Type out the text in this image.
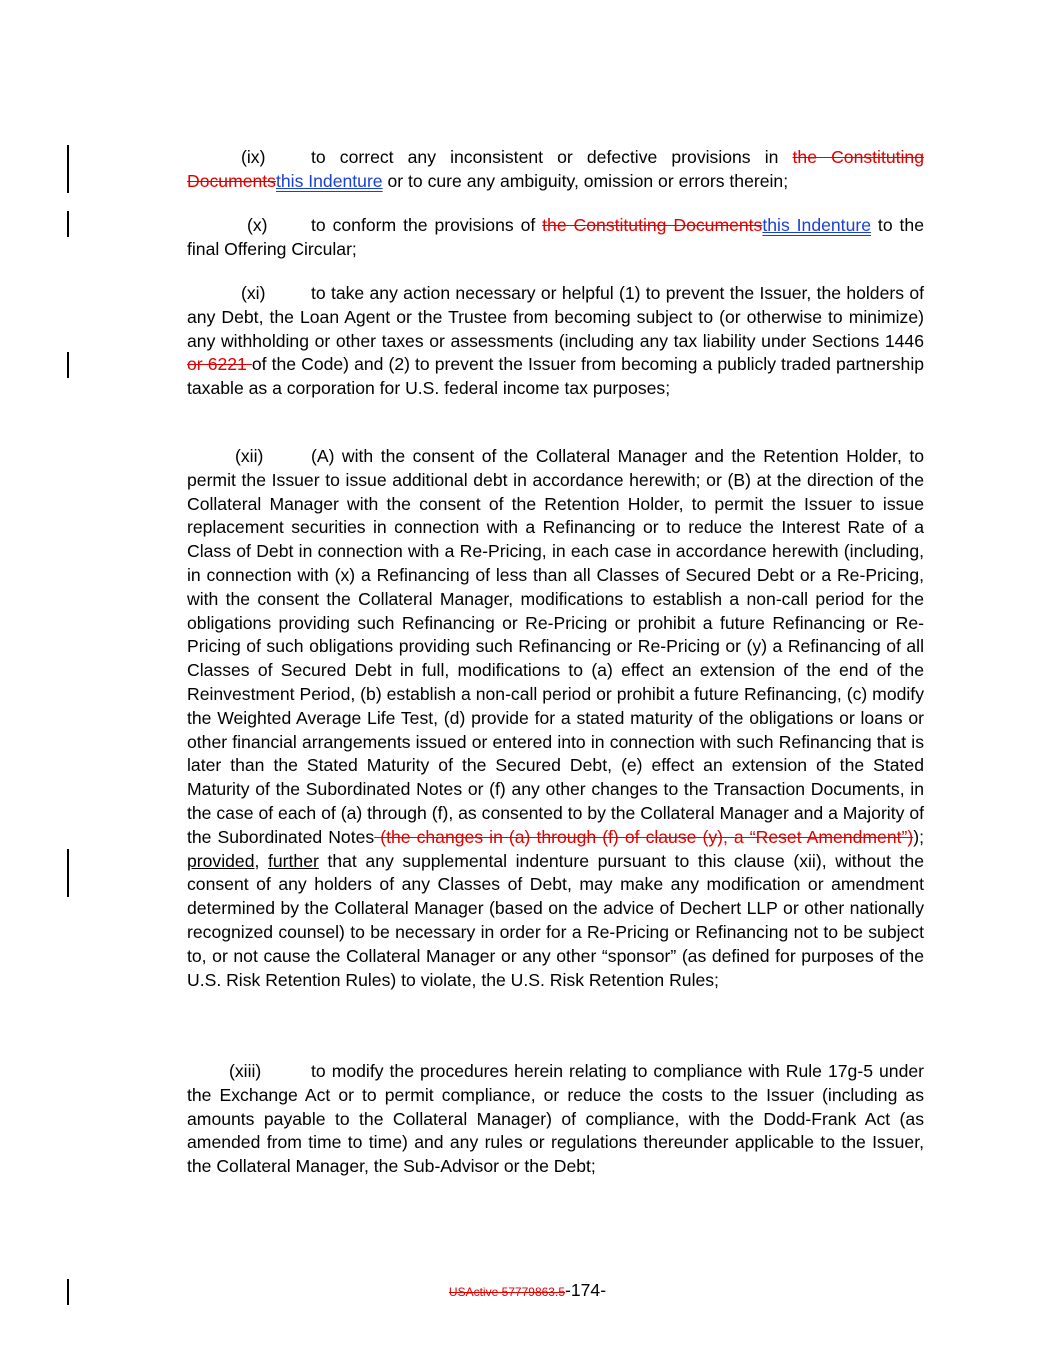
(ix)	to correct any inconsistent or defective provisions in the Constituting Documentsthis Indenture or to cure any ambiguity, omission or errors therein;
(x) to conform the provisions of the Constituting Documentsthis Indenture to the final Offering Circular;
(xi)	to take any action necessary or helpful (1) to prevent the Issuer, the holders of any Debt, the Loan Agent or the Trustee from becoming subject to (or otherwise to minimize) any withholding or other taxes or assessments (including any tax liability under Sections 1446 or 6221 of the Code) and (2) to prevent the Issuer from becoming a publicly traded partnership taxable as a corporation for U.S. federal income tax purposes;
(xii)	(A) with the consent of the Collateral Manager and the Retention Holder, to permit the Issuer to issue additional debt in accordance herewith; or (B) at the direction of the Collateral Manager with the consent of the Retention Holder, to permit the Issuer to issue replacement securities in connection with a Refinancing or to reduce the Interest Rate of a Class of Debt in connection with a Re-Pricing, in each case in accordance herewith (including, in connection with (x) a Refinancing of less than all Classes of Secured Debt or a Re-Pricing, with the consent the Collateral Manager, modifications to establish a non-call period for the obligations providing such Refinancing or Re-Pricing or prohibit a future Refinancing or Re-Pricing of such obligations providing such Refinancing or Re-Pricing or (y) a Refinancing of all Classes of Secured Debt in full, modifications to (a) effect an extension of the end of the Reinvestment Period, (b) establish a non-call period or prohibit a future Refinancing, (c) modify the Weighted Average Life Test, (d) provide for a stated maturity of the obligations or loans or other financial arrangements issued or entered into in connection with such Refinancing that is later than the Stated Maturity of the Secured Debt, (e) effect an extension of the Stated Maturity of the Subordinated Notes or (f) any other changes to the Transaction Documents, in the case of each of (a) through (f), as consented to by the Collateral Manager and a Majority of the Subordinated Notes (the changes in (a) through (f) of clause (y), a “Reset Amendment”)); provided, further that any supplemental indenture pursuant to this clause (xii), without the consent of any holders of any Classes of Debt, may make any modification or amendment determined by the Collateral Manager (based on the advice of Dechert LLP or other nationally recognized counsel) to be necessary in order for a Re-Pricing or Refinancing not to be subject to, or not cause the Collateral Manager or any other “sponsor” (as defined for purposes of the U.S. Risk Retention Rules) to violate, the U.S. Risk Retention Rules;
(xiii)	to modify the procedures herein relating to compliance with Rule 17g-5 under the Exchange Act or to permit compliance, or reduce the costs to the Issuer (including as amounts payable to the Collateral Manager) of compliance, with the Dodd-Frank Act (as amended from time to time) and any rules or regulations thereunder applicable to the Issuer, the Collateral Manager, the Sub-Advisor or the Debt;
USActive 57779863.5-174-
